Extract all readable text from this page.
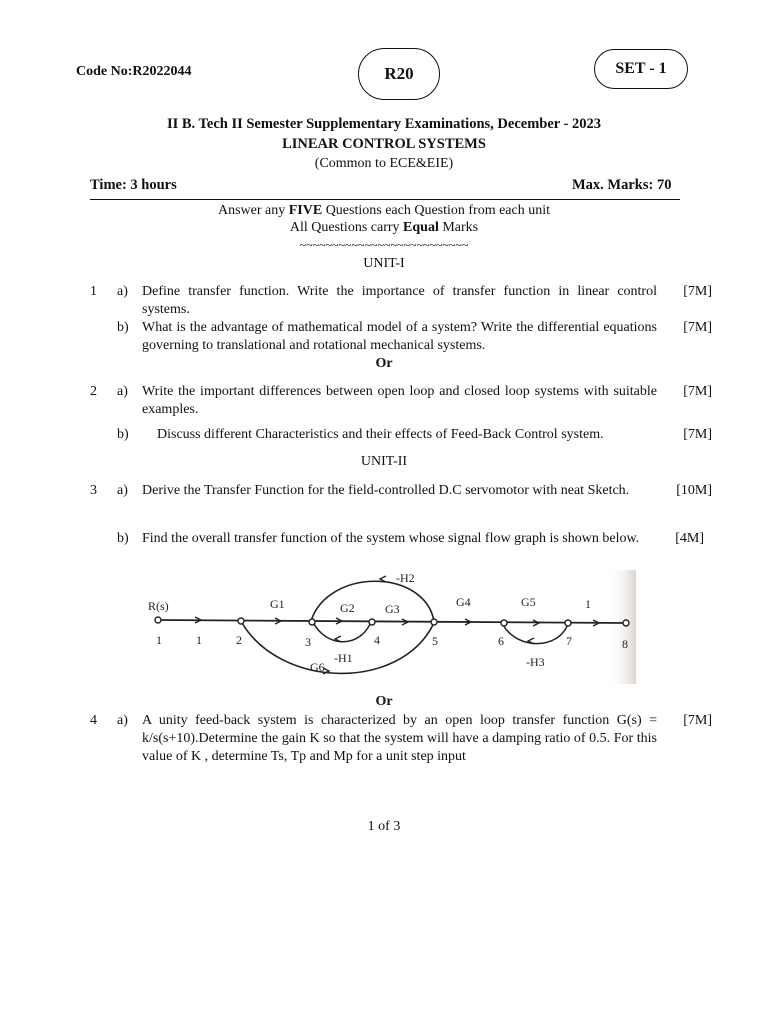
Code No:R2022044	R20	SET - 1
II B. Tech II Semester Supplementary Examinations, December - 2023
LINEAR CONTROL SYSTEMS
(Common to ECE&EIE)
Time: 3 hours	Max. Marks: 70
Answer any FIVE Questions each Question from each unit
All Questions carry Equal Marks
~~~~~~~~~~~~~~~~~~~~~~~~~~
UNIT-I
1 a) Define transfer function. Write the importance of transfer function in linear control systems.
[7M]
b) What is the advantage of mathematical model of a system? Write the differential equations governing to translational and rotational mechanical systems.
[7M]
Or
2 a) Write the important differences between open loop and closed loop systems with suitable examples.
[7M]
b) Discuss different Characteristics and their effects of Feed-Back Control system.	[7M]
UNIT-II
3 a) Derive the Transfer Function for the field-controlled D.C servomotor with neat Sketch.	[10M]
b) Find the overall transfer function of the system whose signal flow graph is shown below.	[4M]
R(s)
1	2	3	4	5	6	7	8
1
G1	G2	G3	G4	G5	1
-H1
-H2
-H3
G6
Or
4 a) A unity feed-back system is characterized by an open loop transfer function G(s) = k/s(s+10).Determine the gain K so that the system will have a damping ratio of 0.5. For this value of K , determine Ts, Tp and Mp for a unit step input
[7M]
1 of 3
